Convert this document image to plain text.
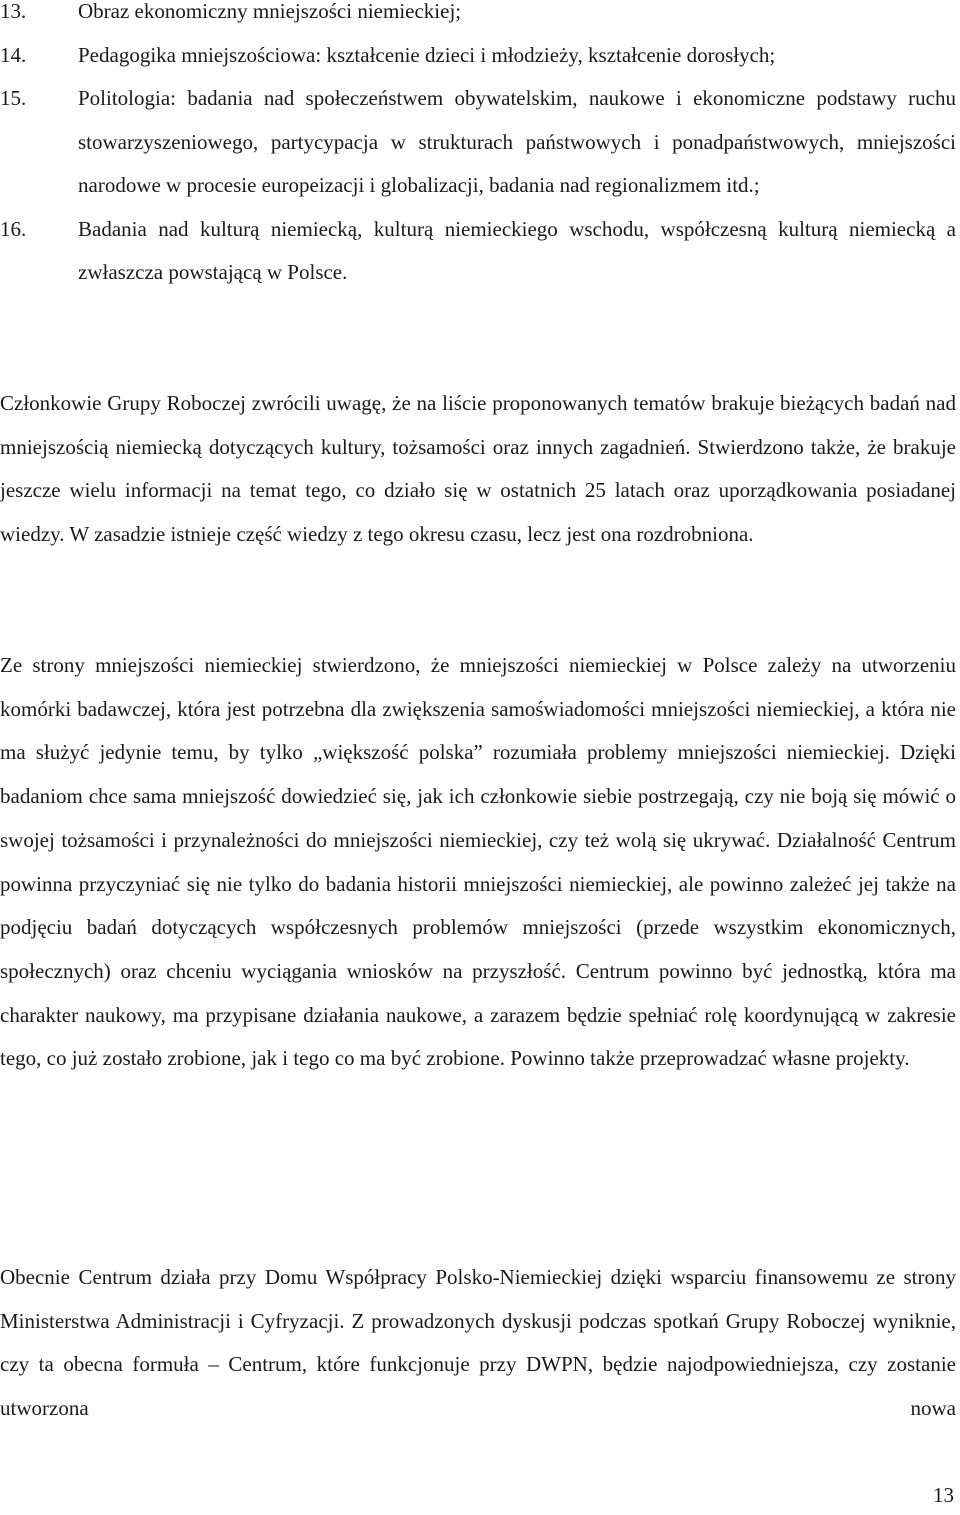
13.	Obraz ekonomiczny mniejszości niemieckiej;
14.	Pedagogika mniejszościowa: kształcenie dzieci i młodzieży, kształcenie dorosłych;
15.	Politologia: badania nad społeczeństwem obywatelskim, naukowe i ekonomiczne podstawy ruchu stowarzyszeniowego, partycypacja w strukturach państwowych i ponadpaństwowych, mniejszości narodowe w procesie europeizacji i globalizacji, badania nad regionalizmem itd.;
16.	Badania nad kulturą niemiecką, kulturą niemieckiego wschodu, współczesną kulturą niemiecką a zwłaszcza powstającą w Polsce.

Członkowie Grupy Roboczej zwrócili uwagę, że na liście proponowanych tematów brakuje bieżących badań nad mniejszością niemiecką dotyczących kultury, tożsamości oraz innych zagadnień. Stwierdzono także, że brakuje jeszcze wielu informacji na temat tego, co działo się w ostatnich 25 latach oraz uporządkowania posiadanej wiedzy. W zasadzie istnieje część wiedzy z tego okresu czasu, lecz jest ona rozdrobniona.

Ze strony mniejszości niemieckiej stwierdzono, że mniejszości niemieckiej w Polsce zależy na utworzeniu komórki badawczej, która jest potrzebna dla zwiększenia samoświadomości mniejszości niemieckiej, a która nie ma służyć jedynie temu, by tylko „większość polska” rozumiała problemy mniejszości niemieckiej. Dzięki badaniom chce sama mniejszość dowiedzieć się, jak ich członkowie siebie postrzegają, czy nie boją się mówić o swojej tożsamości i przynależności do mniejszości niemieckiej, czy też wolą się ukrywać. Działalność Centrum powinna przyczyniać się nie tylko do badania historii mniejszości niemieckiej, ale powinno zależeć jej także na podjęciu badań dotyczących współczesnych problemów mniejszości (przede wszystkim ekonomicznych, społecznych) oraz chceniu wyciągania wniosków na przyszłość. Centrum powinno być jednostką, która ma charakter naukowy, ma przypisane działania naukowe, a zarazem będzie spełniać rolę koordynującą w zakresie tego, co już zostało zrobione, jak i tego co ma być zrobione. Powinno także przeprowadzać własne projekty.

Obecnie Centrum działa przy Domu Współpracy Polsko-Niemieckiej dzięki wsparciu finansowemu ze strony Ministerstwa Administracji i Cyfryzacji. Z prowadzonych dyskusji podczas spotkań Grupy Roboczej wyniknie, czy ta obecna formuła – Centrum, które funkcjonuje przy DWPN, będzie najodpowiedniejsza, czy zostanie utworzona nowa

13
